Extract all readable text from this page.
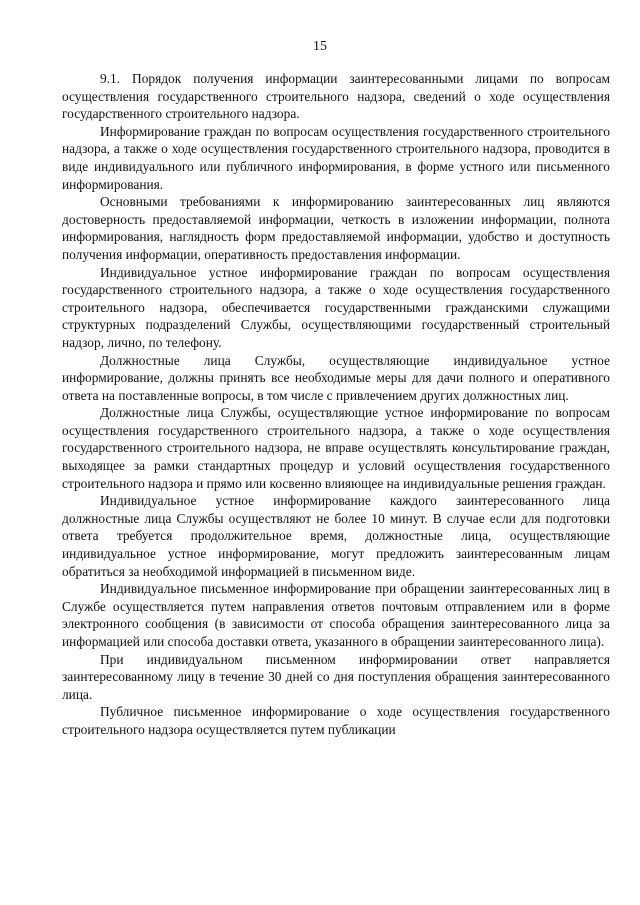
15

9.1. Порядок получения информации заинтересованными лицами по вопросам осуществления государственного строительного надзора, сведений о ходе осуществления государственного строительного надзора.

Информирование граждан по вопросам осуществления государственного строительного надзора, а также о ходе осуществления государственного строительного надзора, проводится в виде индивидуального или публичного информирования, в форме устного или письменного информирования.

Основными требованиями к информированию заинтересованных лиц являются достоверность предоставляемой информации, четкость в изложении информации, полнота информирования, наглядность форм предоставляемой информации, удобство и доступность получения информации, оперативность предоставления информации.

Индивидуальное устное информирование граждан по вопросам осуществления государственного строительного надзора, а также о ходе осуществления государственного строительного надзора, обеспечивается государственными гражданскими служащими структурных подразделений Службы, осуществляющими государственный строительный надзор, лично, по телефону.

Должностные лица Службы, осуществляющие индивидуальное устное информирование, должны принять все необходимые меры для дачи полного и оперативного ответа на поставленные вопросы, в том числе с привлечением других должностных лиц.

Должностные лица Службы, осуществляющие устное информирование по вопросам осуществления государственного строительного надзора, а также о ходе осуществления государственного строительного надзора, не вправе осуществлять консультирование граждан, выходящее за рамки стандартных процедур и условий осуществления государственного строительного надзора и прямо или косвенно влияющее на индивидуальные решения граждан.

Индивидуальное устное информирование каждого заинтересованного лица должностные лица Службы осуществляют не более 10 минут. В случае если для подготовки ответа требуется продолжительное время, должностные лица, осуществляющие индивидуальное устное информирование, могут предложить заинтересованным лицам обратиться за необходимой информацией в письменном виде.

Индивидуальное письменное информирование при обращении заинтересованных лиц в Службе осуществляется путем направления ответов почтовым отправлением или в форме электронного сообщения (в зависимости от способа обращения заинтересованного лица за информацией или способа доставки ответа, указанного в обращении заинтересованного лица).

При индивидуальном письменном информировании ответ направляется заинтересованному лицу в течение 30 дней со дня поступления обращения заинтересованного лица.

Публичное письменное информирование о ходе осуществления государственного строительного надзора осуществляется путем публикации
